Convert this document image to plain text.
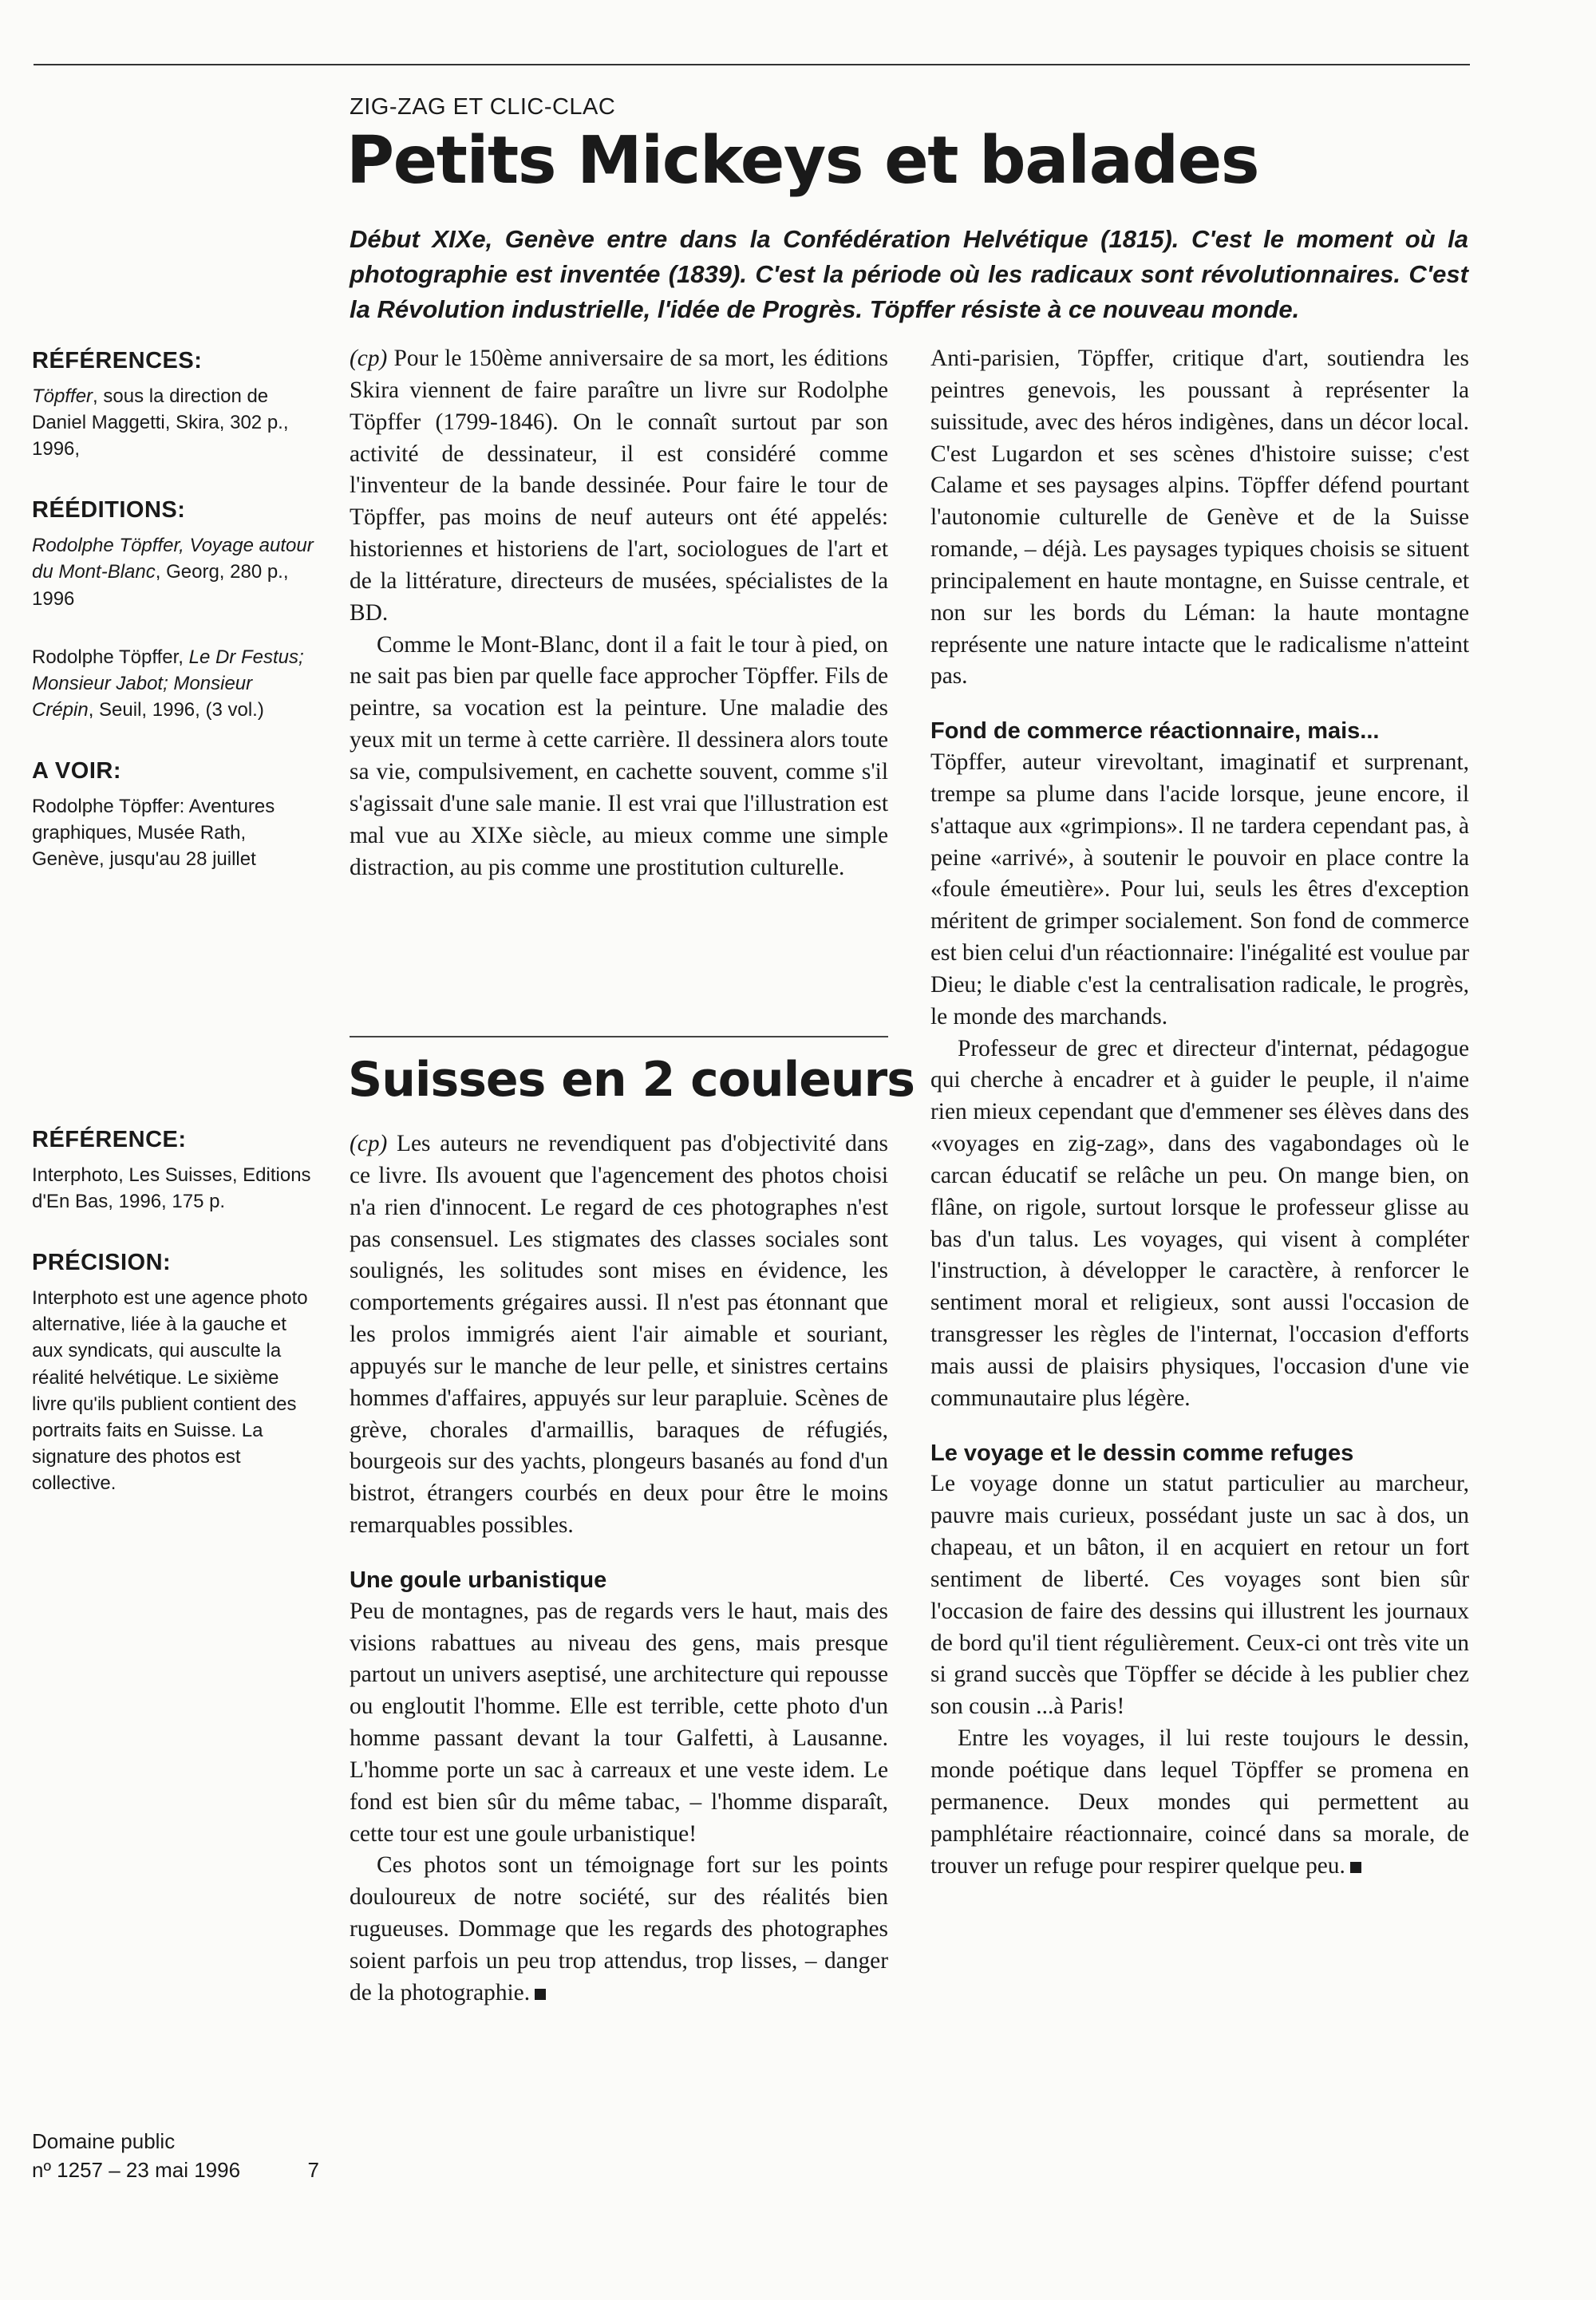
ZIG-ZAG ET CLIC-CLAC
Petits Mickeys et balades
Début XIXe, Genève entre dans la Confédération Helvétique (1815). C'est le moment où la photographie est inventée (1839). C'est la période où les radicaux sont révolutionnaires. C'est la Révolution industrielle, l'idée de Progrès. Töpffer résiste à ce nouveau monde.
RÉFÉRENCES:

Töpffer, sous la direction de Daniel Maggetti, Skira, 302 p., 1996,

RÉÉDITIONS:

Rodolphe Töpffer, Voyage autour du Mont-Blanc, Georg, 280 p., 1996

Rodolphe Töpffer, Le Dr Festus; Monsieur Jabot; Monsieur Crépin, Seuil, 1996, (3 vol.)

A VOIR:

Rodolphe Töpffer: Aventures graphiques, Musée Rath, Genève, jusqu'au 28 juillet

RÉFÉRENCE:

Interphoto, Les Suisses, Editions d'En Bas, 1996, 175 p.

PRÉCISION:

Interphoto est une agence photo alternative, liée à la gauche et aux syndicats, qui ausculte la réalité helvétique. Le sixième livre qu'ils publient contient des portraits faits en Suisse. La signature des photos est collective.

(cp) Pour le 150ème anniversaire de sa mort, les éditions Skira viennent de faire paraître un livre sur Rodolphe Töpffer (1799-1846). On le connaît surtout par son activité de dessinateur, il est considéré comme l'inventeur de la bande dessinée. Pour faire le tour de Töpffer, pas moins de neuf auteurs ont été appelés: historiennes et historiens de l'art, sociologues de l'art et de la littérature, directeurs de musées, spécialistes de la BD.

Comme le Mont-Blanc, dont il a fait le tour à pied, on ne sait pas bien par quelle face approcher Töpffer. Fils de peintre, sa vocation est la peinture. Une maladie des yeux mit un terme à cette carrière. Il dessinera alors toute sa vie, compulsivement, en cachette souvent, comme s'il s'agissait d'une sale manie. Il est vrai que l'illustration est mal vue au XIXe siècle, au mieux comme une simple distraction, au pis comme une prostitution culturelle.

Suisses en 2 couleurs

(cp) Les auteurs ne revendiquent pas d'objectivité dans ce livre. Ils avouent que l'agencement des photos choisi n'a rien d'innocent. Le regard de ces photographes n'est pas consensuel. Les stigmates des classes sociales sont soulignés, les solitudes sont mises en évidence, les comportements grégaires aussi. Il n'est pas étonnant que les prolos immigrés aient l'air aimable et souriant, appuyés sur le manche de leur pelle, et sinistres certains hommes d'affaires, appuyés sur leur parapluie. Scènes de grève, chorales d'armaillis, baraques de réfugiés, bourgeois sur des yachts, plongeurs basanés au fond d'un bistrot, étrangers courbés en deux pour être le moins remarquables possibles.

Une goule urbanistique

Peu de montagnes, pas de regards vers le haut, mais des visions rabattues au niveau des gens, mais presque partout un univers aseptisé, une architecture qui repousse ou engloutit l'homme. Elle est terrible, cette photo d'un homme passant devant la tour Galfetti, à Lausanne. L'homme porte un sac à carreaux et une veste idem. Le fond est bien sûr du même tabac, – l'homme disparaît, cette tour est une goule urbanistique!

Ces photos sont un témoignage fort sur les points douloureux de notre société, sur des réalités bien rugueuses. Dommage que les regards des photographes soient parfois un peu trop attendus, trop lisses, – danger de la photographie.

Anti-parisien, Töpffer, critique d'art, soutiendra les peintres genevois, les poussant à représenter la suissitude, avec des héros indigènes, dans un décor local. C'est Lugardon et ses scènes d'histoire suisse; c'est Calame et ses paysages alpins. Töpffer défend pourtant l'autonomie culturelle de Genève et de la Suisse romande, – déjà. Les paysages typiques choisis se situent principalement en haute montagne, en Suisse centrale, et non sur les bords du Léman: la haute montagne représente une nature intacte que le radicalisme n'atteint pas.

Fond de commerce réactionnaire, mais...

Töpffer, auteur virevoltant, imaginatif et surprenant, trempe sa plume dans l'acide lorsque, jeune encore, il s'attaque aux «grimpions». Il ne tardera cependant pas, à peine «arrivé», à soutenir le pouvoir en place contre la «foule émeutière». Pour lui, seuls les êtres d'exception méritent de grimper socialement. Son fond de commerce est bien celui d'un réactionnaire: l'inégalité est voulue par Dieu; le diable c'est la centralisation radicale, le progrès, le monde des marchands.

Professeur de grec et directeur d'internat, pédagogue qui cherche à encadrer et à guider le peuple, il n'aime rien mieux cependant que d'emmener ses élèves dans des «voyages en zig-zag», dans des vagabondages où le carcan éducatif se relâche un peu. On mange bien, on flâne, on rigole, surtout lorsque le professeur glisse au bas d'un talus. Les voyages, qui visent à compléter l'instruction, à développer le caractère, à renforcer le sentiment moral et religieux, sont aussi l'occasion de transgresser les règles de l'internat, l'occasion d'efforts mais aussi de plaisirs physiques, l'occasion d'une vie communautaire plus légère.

Le voyage et le dessin comme refuges

Le voyage donne un statut particulier au marcheur, pauvre mais curieux, possédant juste un sac à dos, un chapeau, et un bâton, il en acquiert en retour un fort sentiment de liberté. Ces voyages sont bien sûr l'occasion de faire des dessins qui illustrent les journaux de bord qu'il tient régulièrement. Ceux-ci ont très vite un si grand succès que Töpffer se décide à les publier chez son cousin ...à Paris!

Entre les voyages, il lui reste toujours le dessin, monde poétique dans lequel Töpffer se promena en permanence. Deux mondes qui permettent au pamphlétaire réactionnaire, coincé dans sa morale, de trouver un refuge pour respirer quelque peu.

Domaine public
nº 1257 – 23 mai 1996	7
